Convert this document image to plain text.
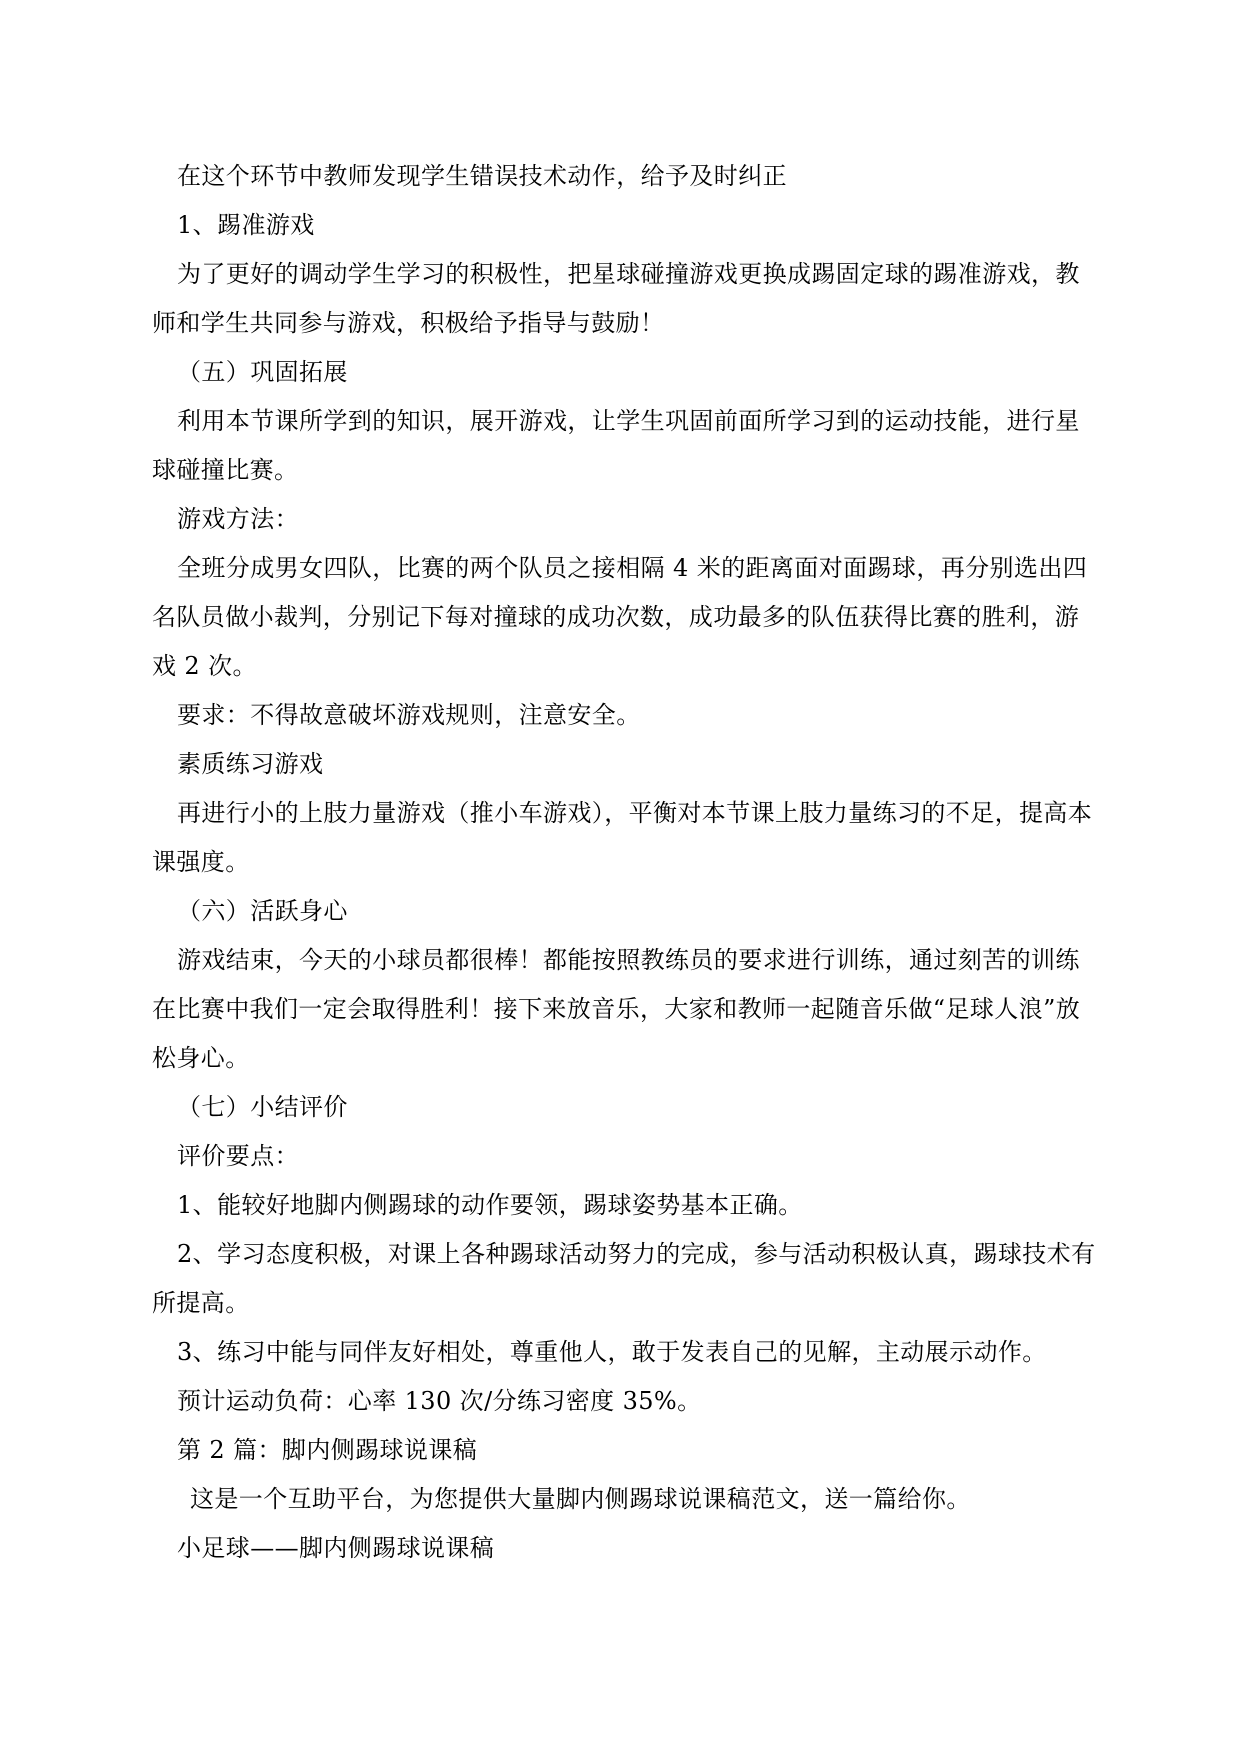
在这个环节中教师发现学生错误技术动作，给予及时纠正

1、踢准游戏

为了更好的调动学生学习的积极性，把星球碰撞游戏更换成踢固定球的踢准游戏，教师和学生共同参与游戏，积极给予指导与鼓励！

（五）巩固拓展

利用本节课所学到的知识，展开游戏，让学生巩固前面所学习到的运动技能，进行星球碰撞比赛。

游戏方法：

全班分成男女四队，比赛的两个队员之接相隔 4 米的距离面对面踢球，再分别选出四名队员做小裁判，分别记下每对撞球的成功次数，成功最多的队伍获得比赛的胜利，游戏 2 次。

要求：不得故意破坏游戏规则，注意安全。

素质练习游戏

再进行小的上肢力量游戏（推小车游戏），平衡对本节课上肢力量练习的不足，提高本课强度。

（六）活跃身心

游戏结束，今天的小球员都很棒！都能按照教练员的要求进行训练，通过刻苦的训练在比赛中我们一定会取得胜利！接下来放音乐，大家和教师一起随音乐做“足球人浪”放松身心。

（七）小结评价

评价要点：

1、能较好地脚内侧踢球的动作要领，踢球姿势基本正确。

2、学习态度积极，对课上各种踢球活动努力的完成，参与活动积极认真，踢球技术有所提高。

3、练习中能与同伴友好相处，尊重他人，敢于发表自己的见解，主动展示动作。

预计运动负荷：心率 130 次/分练习密度 35%。

第 2 篇：脚内侧踢球说课稿

这是一个互助平台，为您提供大量脚内侧踢球说课稿范文，送一篇给你。

小足球——脚内侧踢球说课稿
